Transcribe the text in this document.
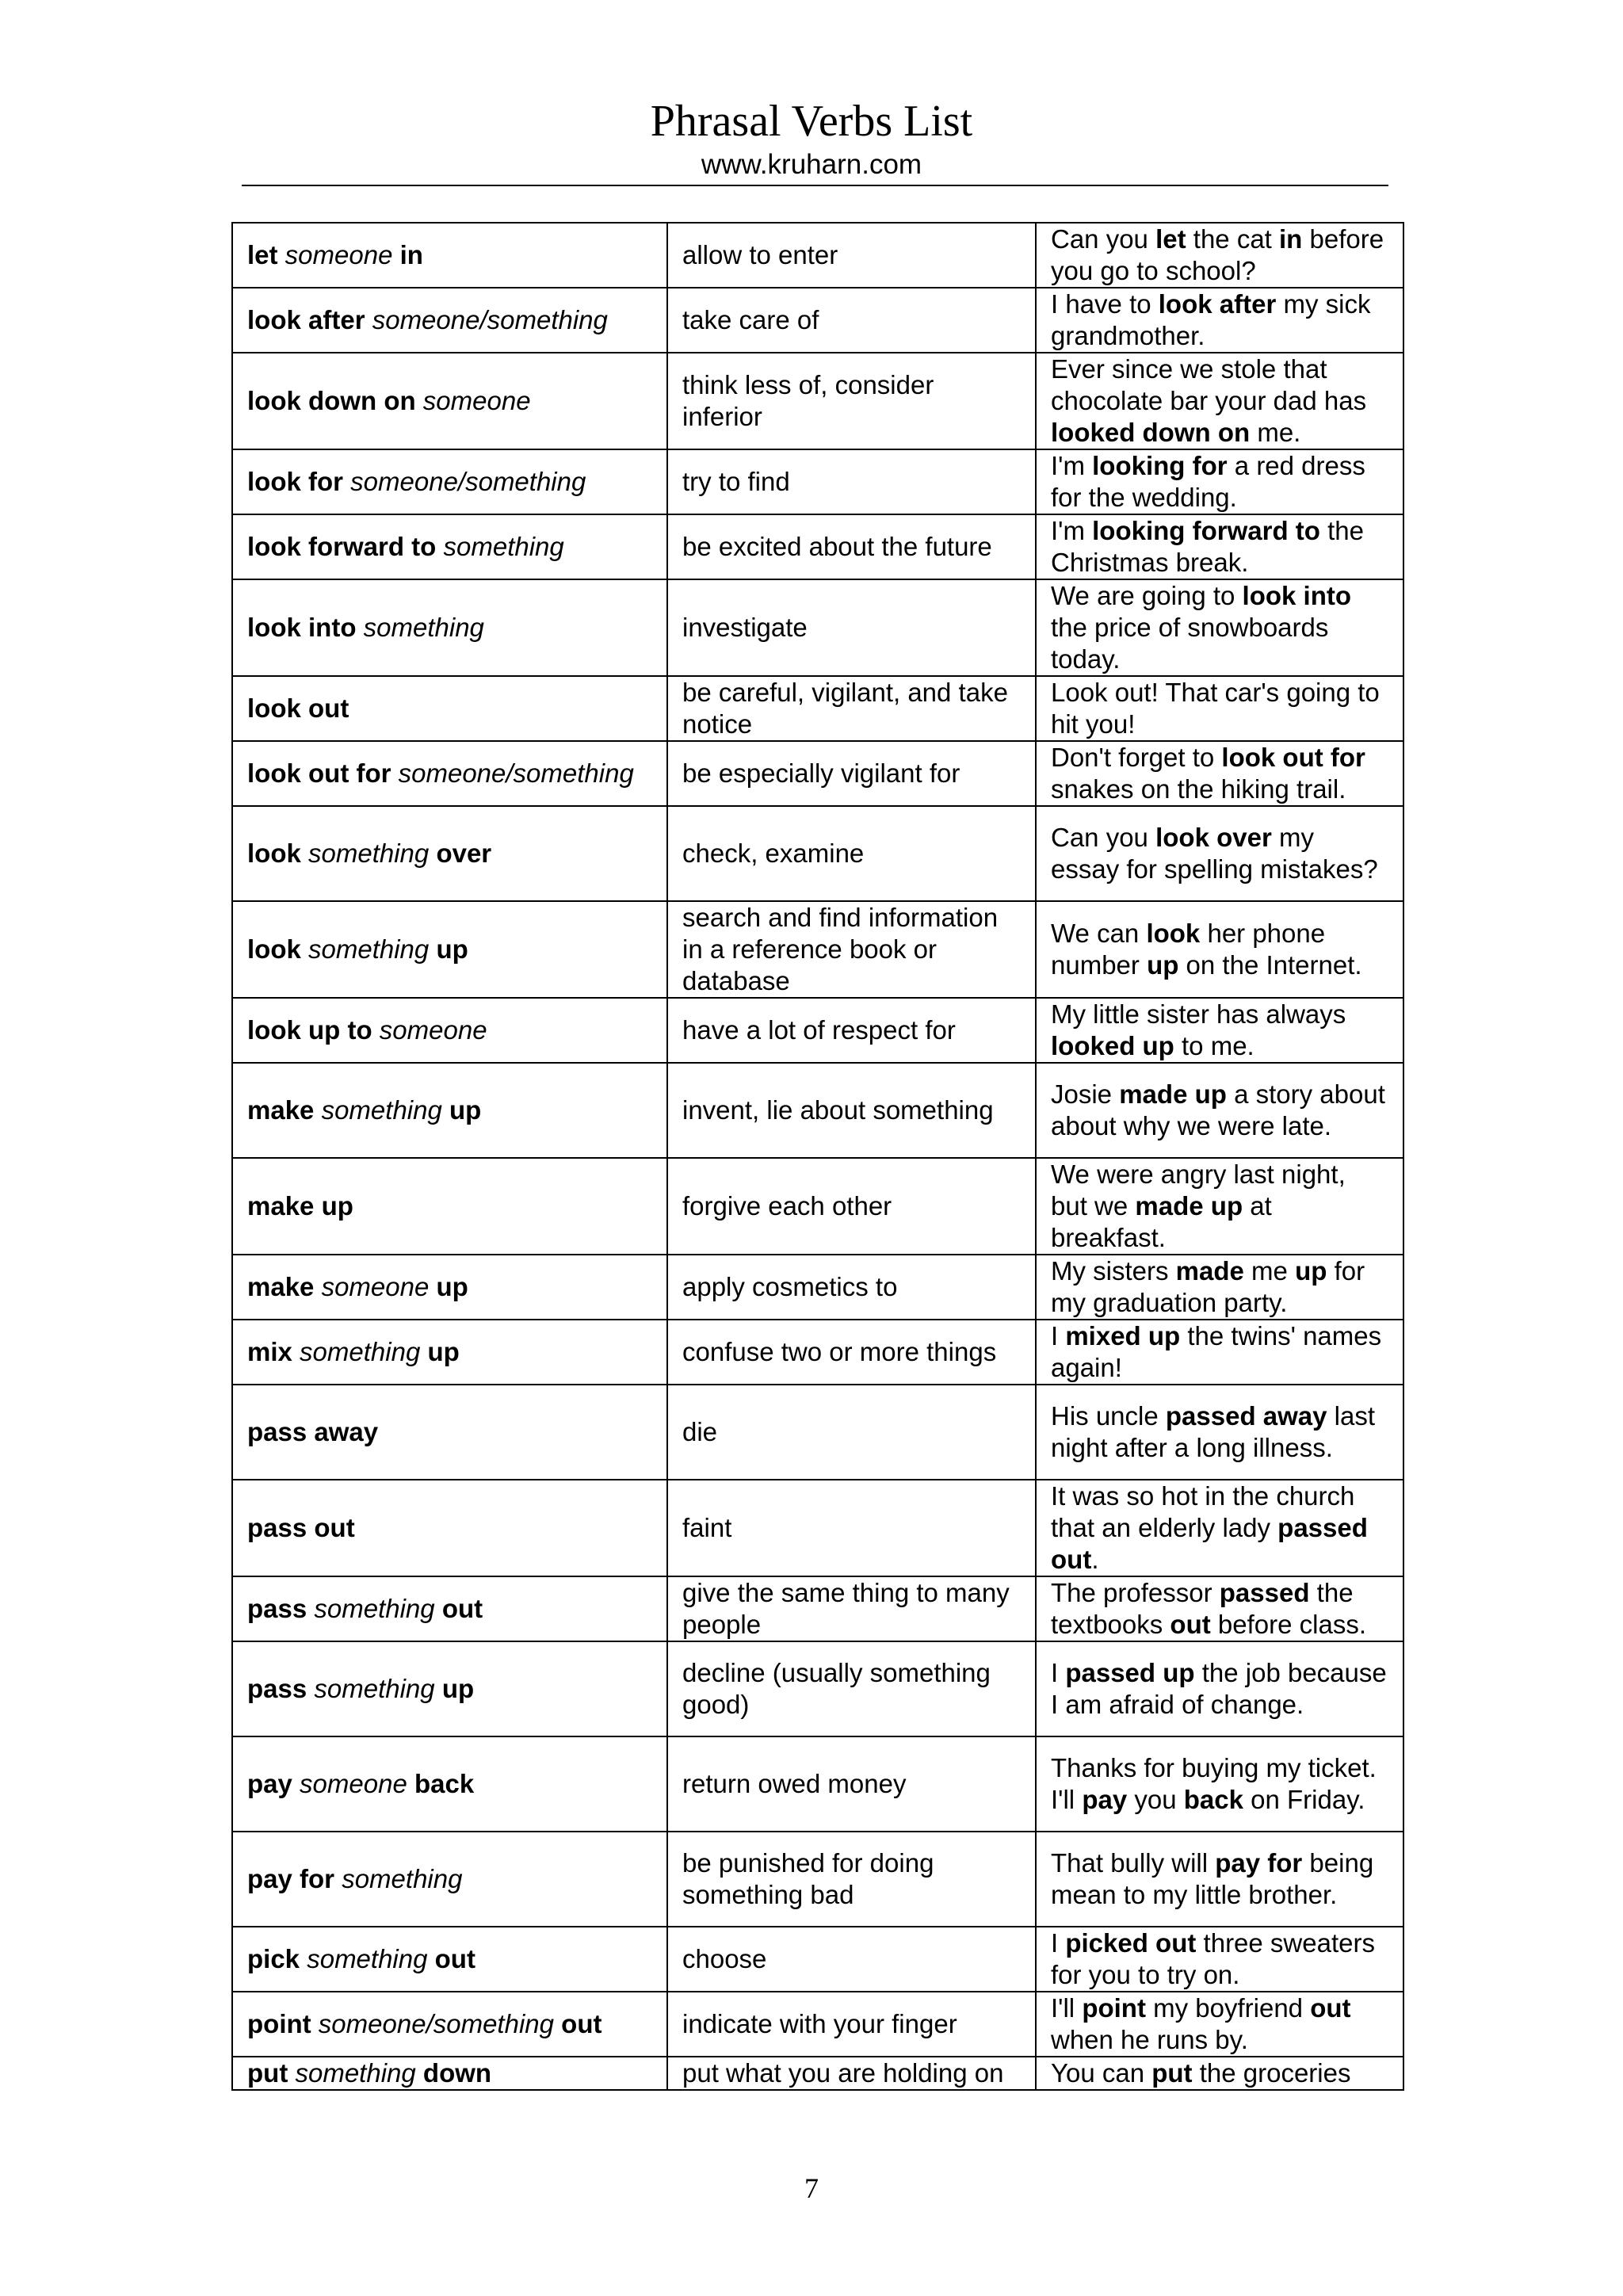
Phrasal Verbs List
www.kruharn.com
let someone in	allow to enter	Can you let the cat in before you go to school?
look after someone/something	take care of	I have to look after my sick grandmother.
look down on someone	think less of, consider inferior	Ever since we stole that chocolate bar your dad has looked down on me.
look for someone/something	try to find	I'm looking for a red dress for the wedding.
look forward to something	be excited about the future	I'm looking forward to the Christmas break.
look into something	investigate	We are going to look into the price of snowboards today.
look out	be careful, vigilant, and take notice	Look out! That car's going to hit you!
look out for someone/something	be especially vigilant for	Don't forget to look out for snakes on the hiking trail.
look something over	check, examine	Can you look over my essay for spelling mistakes?
look something up	search and find information in a reference book or database	We can look her phone number up on the Internet.
look up to someone	have a lot of respect for	My little sister has always looked up to me.
make something up	invent, lie about something	Josie made up a story about about why we were late.
make up	forgive each other	We were angry last night, but we made up at breakfast.
make someone up	apply cosmetics to	My sisters made me up for my graduation party.
mix something up	confuse two or more things	I mixed up the twins' names again!
pass away	die	His uncle passed away last night after a long illness.
pass out	faint	It was so hot in the church that an elderly lady passed out.
pass something out	give the same thing to many people	The professor passed the textbooks out before class.
pass something up	decline (usually something good)	I passed up the job because I am afraid of change.
pay someone back	return owed money	Thanks for buying my ticket. I'll pay you back on Friday.
pay for something	be punished for doing something bad	That bully will pay for being mean to my little brother.
pick something out	choose	I picked out three sweaters for you to try on.
point someone/something out	indicate with your finger	I'll point my boyfriend out when he runs by.
put something down	put what you are holding on	You can put the groceries
7
